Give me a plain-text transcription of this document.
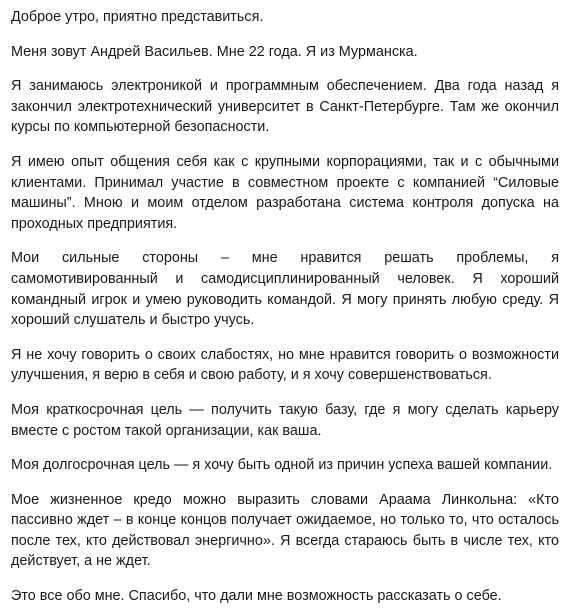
Доброе утро, приятно представиться.

Меня зовут Андрей Васильев. Мне 22 года. Я из Мурманска.

Я занимаюсь электроникой и программным обеспечением. Два года назад я закончил электротехнический университет в Санкт-Петербурге. Там же окончил курсы по компьютерной безопасности.

Я имею опыт общения себя как с крупными корпорациями, так и с обычными клиентами. Принимал участие в совместном проекте с компанией “Силовые машины”. Мною и моим отделом разработана система контроля допуска на проходных предприятия.

Мои сильные стороны – мне нравится решать проблемы, я самомотивированный и самодисциплинированный человек. Я хороший командный игрок и умею руководить командой. Я могу принять любую среду. Я хороший слушатель и быстро учусь.

Я не хочу говорить о своих слабостях, но мне нравится говорить о возможности улучшения, я верю в себя и свою работу, и я хочу совершенствоваться.

Моя краткосрочная цель — получить такую базу, где я могу сделать карьеру вместе с ростом такой организации, как ваша.

Моя долгосрочная цель — я хочу быть одной из причин успеха вашей компании.

Мое жизненное кредо можно выразить словами Араама Линкольна: «Кто пассивно ждет – в конце концов получает ожидаемое, но только то, что осталось после тех, кто действовал энергично». Я всегда стараюсь быть в числе тех, кто действует, а не ждет.

Это все обо мне. Спасибо, что дали мне возможность рассказать о себе.
